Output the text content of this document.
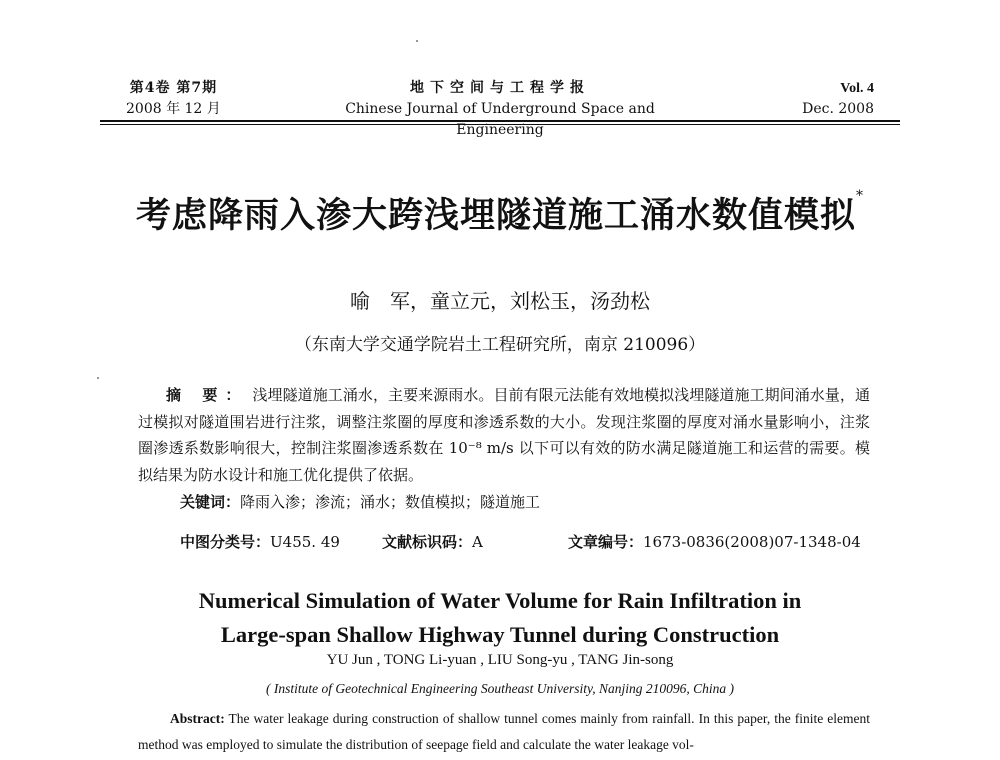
第4卷 第7期
2008 年 12 月
地下空间与工程学报
Chinese Journal of Underground Space and Engineering
Vol. 4
Dec. 2008
考虑降雨入渗大跨浅埋隧道施工涌水数值模拟*
喻　军，童立元，刘松玉，汤劲松
（东南大学交通学院岩土工程研究所，南京 210096）
摘 要： 浅埋隧道施工涌水，主要来源雨水。目前有限元法能有效地模拟浅埋隧道施工期间涌水量，通过模拟对隧道围岩进行注浆，调整注浆圈的厚度和渗透系数的大小。发现注浆圈的厚度对涌水量影响小，注浆圈渗透系数影响很大，控制注浆圈渗透系数在 10⁻⁸ m/s 以下可以有效的防水满足隧道施工和运营的需要。模拟结果为防水设计和施工优化提供了依据。
关键词：降雨入渗；渗流；涌水；数值模拟；隧道施工
中图分类号：U455. 49	文献标识码：A	文章编号：1673-0836(2008)07-1348-04
Numerical Simulation of Water Volume for Rain Infiltration in
Large-span Shallow Highway Tunnel during Construction
YU Jun , TONG Li-yuan , LIU Song-yu , TANG Jin-song
( Institute of Geotechnical Engineering Southeast University, Nanjing 210096, China )
Abstract: The water leakage during construction of shallow tunnel comes mainly from rainfall. In this paper, the finite element method was employed to simulate the distribution of seepage field and calculate the water leakage vol-
